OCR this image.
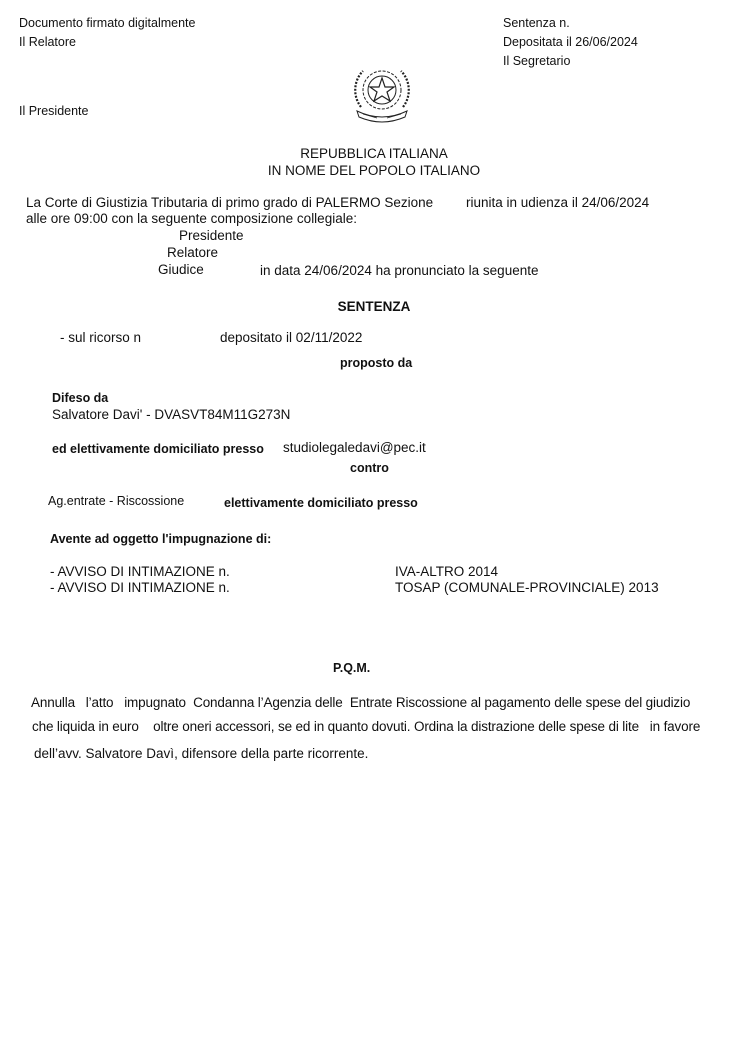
Documento firmato digitalmente
Il Relatore
Il Presidente
Sentenza n.
Depositata il 26/06/2024
Il Segretario
REPUBBLICA ITALIANA
IN NOME DEL POPOLO ITALIANO
La Corte di Giustizia Tributaria di primo grado di PALERMO Sezione riunita in udienza il 24/06/2024
alle ore 09:00 con la seguente composizione collegiale:
Presidente
Relatore
Giudice	in data 24/06/2024 ha pronunciato la seguente
SENTENZA
- sul ricorso n	depositato il 02/11/2022
proposto da
Difeso da
Salvatore Davi' - DVASVT84M11G273N
ed elettivamente domiciliato presso studiolegaledavi@pec.it
contro
Ag.entrate - Riscossione	elettivamente domiciliato presso
Avente ad oggetto l'impugnazione di:
- AVVISO DI INTIMAZIONE n.	IVA-ALTRO 2014
- AVVISO DI INTIMAZIONE n.	TOSAP (COMUNALE-PROVINCIALE) 2013
P.Q.M.
Annulla   l’atto   impugnato  Condanna l’Agenzia delle  Entrate Riscossione al pagamento delle spese del giudizio
che liquida in euro    oltre oneri accessori, se ed in quanto dovuti. Ordina la distrazione delle spese di lite   in favore
dell’avv. Salvatore Davì, difensore della parte ricorrente.
